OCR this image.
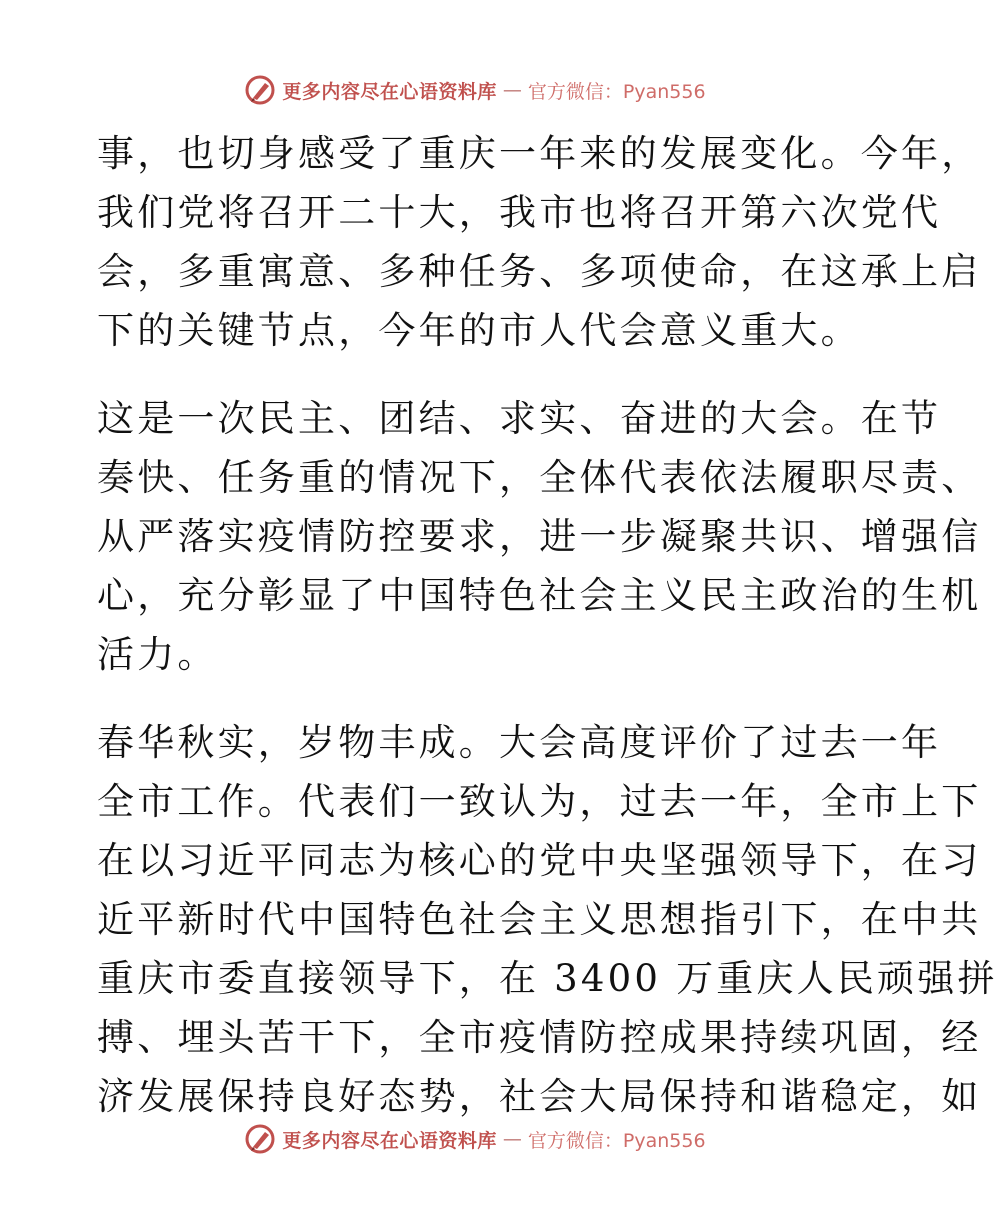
更多内容尽在心语资料库 — 官方微信：Pyan556
事，也切身感受了重庆一年来的发展变化。今年，
我们党将召开二十大，我市也将召开第六次党代
会，多重寓意、多种任务、多项使命，在这承上启
下的关键节点，今年的市人代会意义重大。
这是一次民主、团结、求实、奋进的大会。在节
奏快、任务重的情况下，全体代表依法履职尽责、
从严落实疫情防控要求，进一步凝聚共识、增强信
心，充分彰显了中国特色社会主义民主政治的生机
活力。
春华秋实，岁物丰成。大会高度评价了过去一年
全市工作。代表们一致认为，过去一年，全市上下
在以习近平同志为核心的党中央坚强领导下，在习
近平新时代中国特色社会主义思想指引下，在中共
重庆市委直接领导下，在 3400 万重庆人民顽强拼
搏、埋头苦干下，全市疫情防控成果持续巩固，经
济发展保持良好态势，社会大局保持和谐稳定，如
更多内容尽在心语资料库 — 官方微信：Pyan556
